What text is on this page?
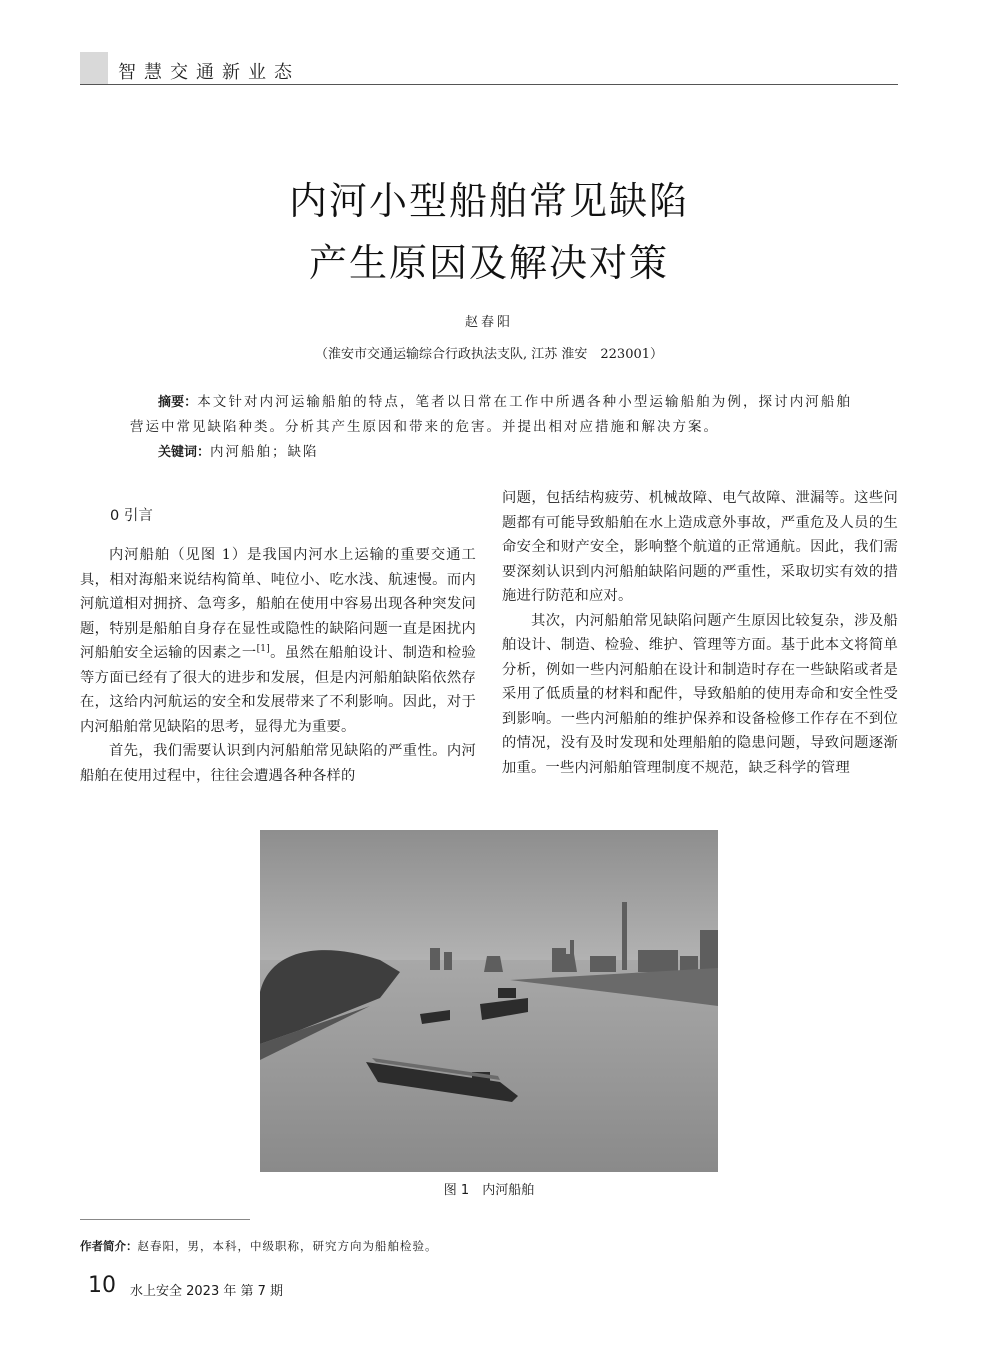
智慧交通新业态
内河小型船舶常见缺陷
产生原因及解决对策
赵春阳
（淮安市交通运输综合行政执法支队, 江苏 淮安　223001）

摘要：本文针对内河运输船舶的特点，笔者以日常在工作中所遇各种小型运输船舶为例，探讨内河船舶营运中常见缺陷种类。分析其产生原因和带来的危害。并提出相对应措施和解决方案。

关键词：内河船舶；缺陷
0 引言

内河船舶（见图 1）是我国内河水上运输的重要交通工具，相对海船来说结构简单、吨位小、吃水浅、航速慢。而内河航道相对拥挤、急弯多，船舶在使用中容易出现各种突发问题，特别是船舶自身存在显性或隐性的缺陷问题一直是困扰内河船舶安全运输的因素之一[1]。虽然在船舶设计、制造和检验等方面已经有了很大的进步和发展，但是内河船舶缺陷依然存在，这给内河航运的安全和发展带来了不利影响。因此，对于内河船舶常见缺陷的思考，显得尤为重要。

首先，我们需要认识到内河船舶常见缺陷的严重性。内河船舶在使用过程中，往往会遭遇各种各样的

问题，包括结构疲劳、机械故障、电气故障、泄漏等。这些问题都有可能导致船舶在水上造成意外事故，严重危及人员的生命安全和财产安全，影响整个航道的正常通航。因此，我们需要深刻认识到内河船舶缺陷问题的严重性，采取切实有效的措施进行防范和应对。

其次，内河船舶常见缺陷问题产生原因比较复杂，涉及船舶设计、制造、检验、维护、管理等方面。基于此本文将简单分析，例如一些内河船舶在设计和制造时存在一些缺陷或者是采用了低质量的材料和配件，导致船舶的使用寿命和安全性受到影响。一些内河船舶的维护保养和设备检修工作存在不到位的情况，没有及时发现和处理船舶的隐患问题，导致问题逐渐加重。一些内河船舶管理制度不规范，缺乏科学的管理

图 1　内河船舶
作者简介：赵春阳，男，本科，中级职称，研究方向为船舶检验。
10 水上安全 2023 年 第 7 期
